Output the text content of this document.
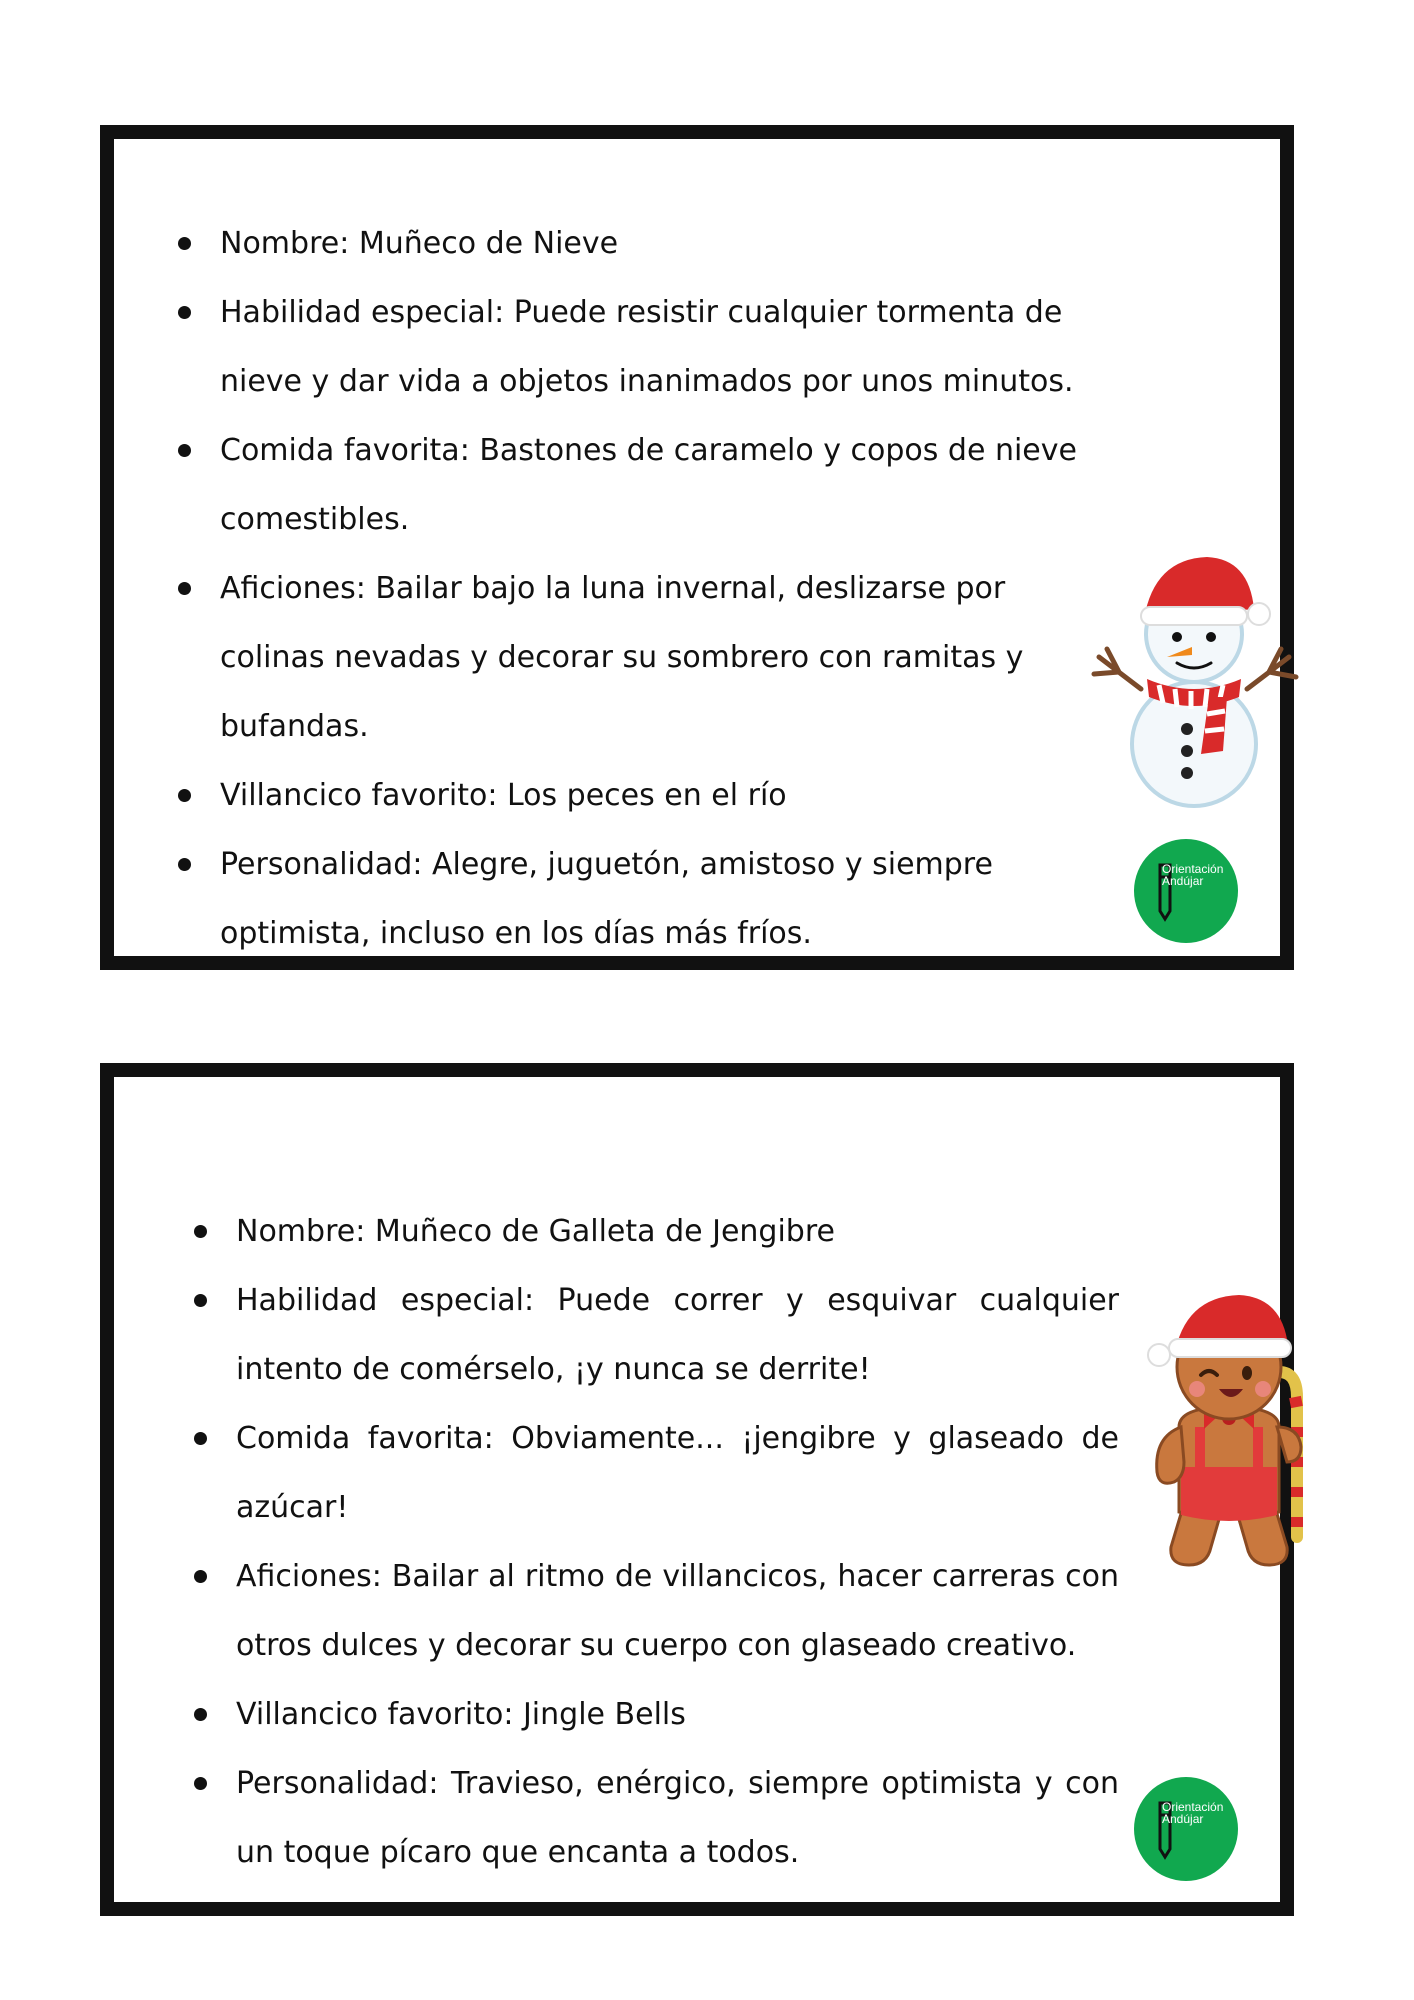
Nombre: Muñeco de Nieve
Habilidad especial: Puede resistir cualquier tormenta de nieve y dar vida a objetos inanimados por unos minutos.
Comida favorita: Bastones de caramelo y copos de nieve comestibles.
Aficiones: Bailar bajo la luna invernal, deslizarse por colinas nevadas y decorar su sombrero con ramitas y bufandas.
Villancico favorito: Los peces en el río
Personalidad: Alegre, juguetón, amistoso y siempre optimista, incluso en los días más fríos.
Orientación
Andújar
Nombre: Muñeco de Galleta de Jengibre
Habilidad especial: Puede correr y esquivar cualquier intento de comérselo, ¡y nunca se derrite!
Comida favorita: Obviamente... ¡jengibre y glaseado de azúcar!
Aficiones: Bailar al ritmo de villancicos, hacer carreras con otros dulces y decorar su cuerpo con glaseado creativo.
Villancico favorito: Jingle Bells
Personalidad: Travieso, enérgico, siempre optimista y con un toque pícaro que encanta a todos.
Orientación
Andújar
